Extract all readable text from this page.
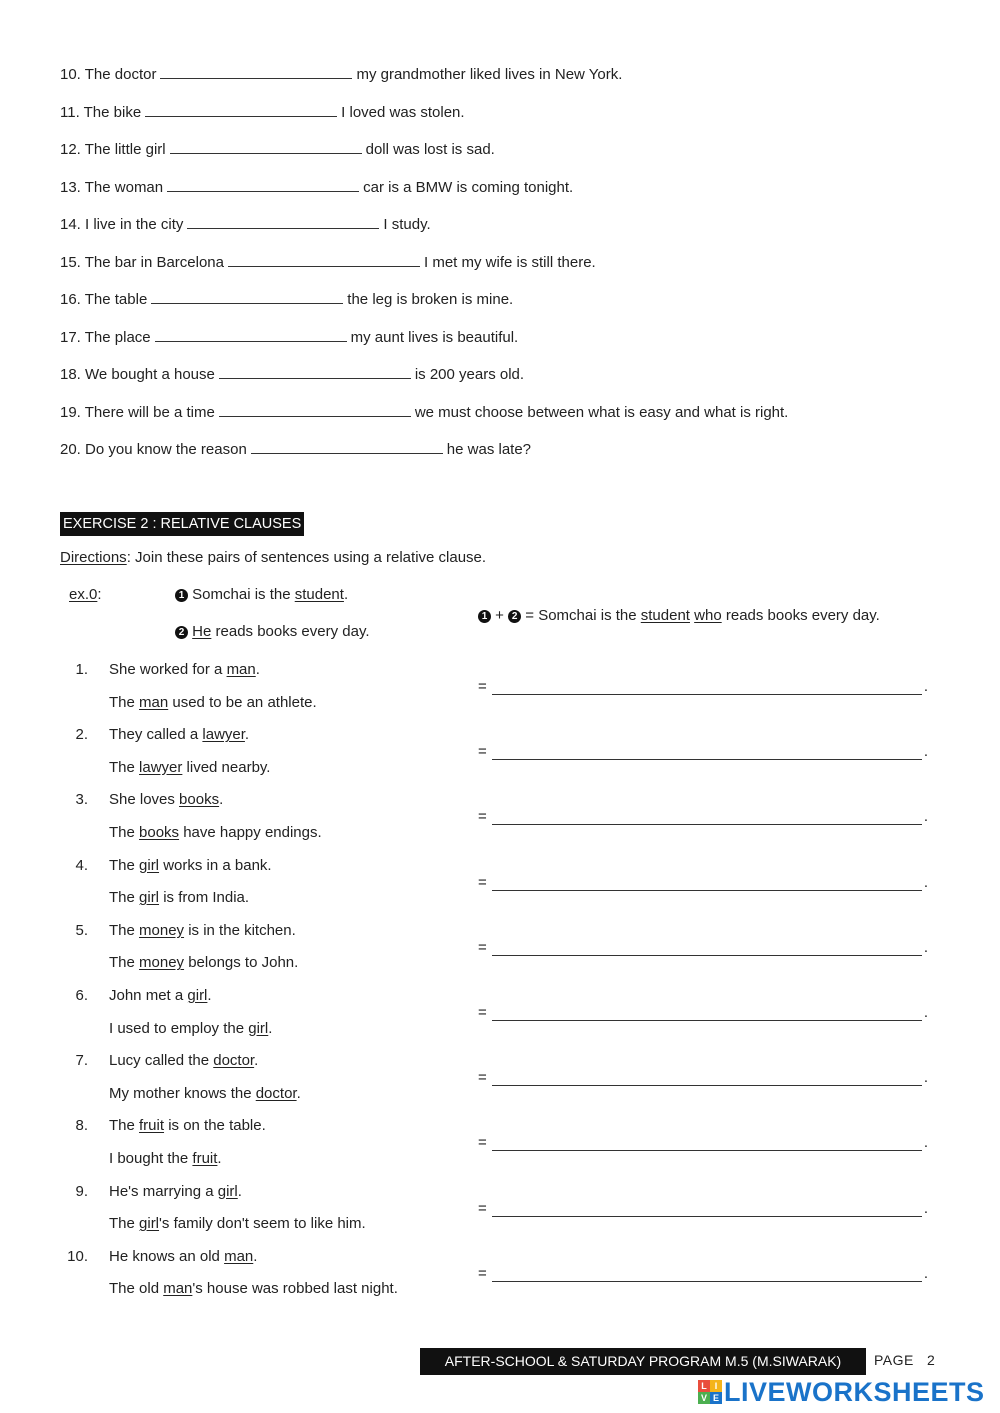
10. The doctor	my grandmother liked lives in New York.
11. The bike	I loved was stolen.
12. The little girl	doll was lost is sad.
13. The woman	car is a BMW is coming tonight.
14. I live in the city	I study.
15. The bar in Barcelona	I met my wife is still there.
16. The table	the leg is broken is mine.
17. The place	my aunt lives is beautiful.
18. We bought a house	is 200 years old.
19. There will be a time	we must choose between what is easy and what is right.
20. Do you know the reason	he was late?
EXERCISE 2 : RELATIVE CLAUSES
Directions: Join these pairs of sentences using a relative clause.
ex.0:	1 Somchai is the student.
2 He reads books every day.
1 + 2 = Somchai is the student who reads books every day.
1. She worked for a man.
The man used to be an athlete.
=	.
2. They called a lawyer.
The lawyer lived nearby.
=	.
3. She loves books.
The books have happy endings.
=	.
4. The girl works in a bank.
The girl is from India.
=	.
5. The money is in the kitchen.
The money belongs to John.
=	.
6. John met a girl.
I used to employ the girl.
=	.
7. Lucy called the doctor.
My mother knows the doctor.
=	.
8. The fruit is on the table.
I bought the fruit.
=	.
9. He's marrying a girl.
The girl's family don't seem to like him.
=	.
10. He knows an old man.
The old man's house was robbed last night.
=	.
AFTER-SCHOOL & SATURDAY PROGRAM M.5 (M.SIWARAK)	PAGE 2
L I
V E LIVEWORKSHEETS
